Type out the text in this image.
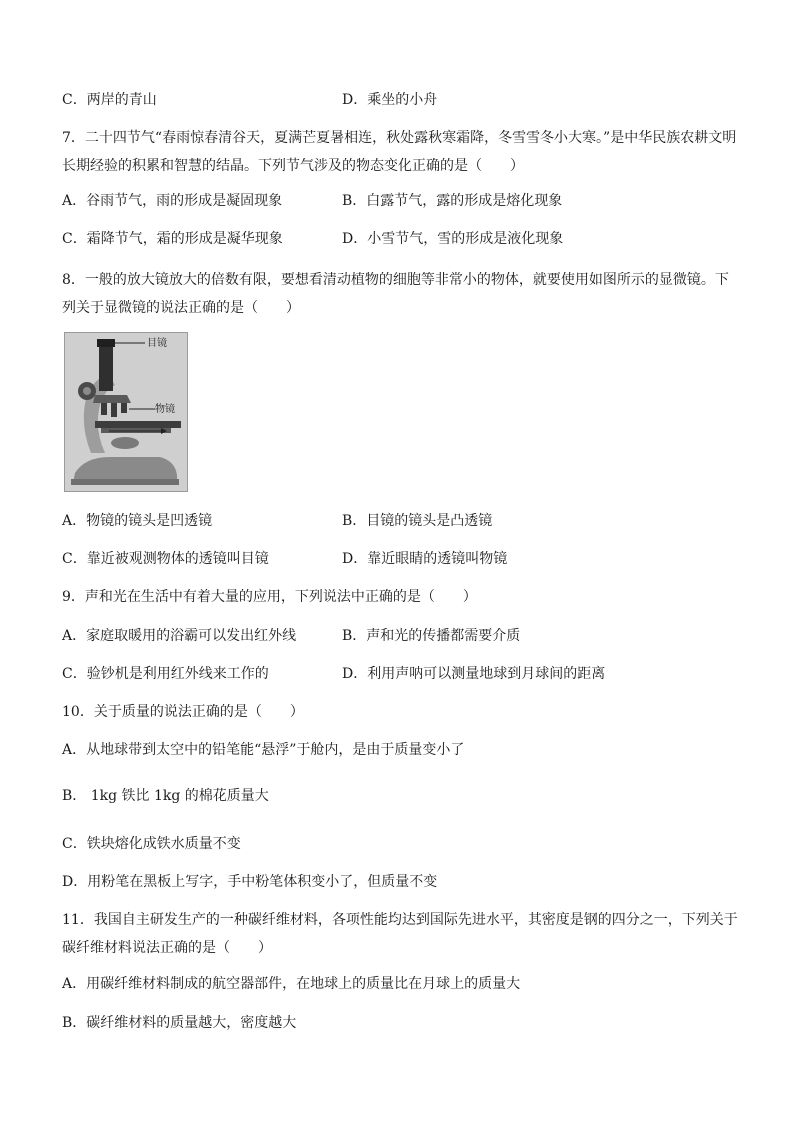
C．两岸的青山	D．乘坐的小舟
7．二十四节气“春雨惊春清谷天，夏满芒夏暑相连，秋处露秋寒霜降，冬雪雪冬小大寒。”是中华民族农耕文明长期经验的积累和智慧的结晶。下列节气涉及的物态变化正确的是（　　）
A．谷雨节气，雨的形成是凝固现象	B．白露节气，露的形成是熔化现象
C．霜降节气，霜的形成是凝华现象	D．小雪节气，雪的形成是液化现象
8．一般的放大镜放大的倍数有限，要想看清动植物的细胞等非常小的物体，就要使用如图所示的显微镜。下列关于显微镜的说法正确的是（　　）
目镜
物镜
A．物镜的镜头是凹透镜	B．目镜的镜头是凸透镜
C．靠近被观测物体的透镜叫目镜	D．靠近眼睛的透镜叫物镜
9．声和光在生活中有着大量的应用，下列说法中正确的是（　　）
A．家庭取暖用的浴霸可以发出红外线	B．声和光的传播都需要介质
C．验钞机是利用红外线来工作的	D．利用声呐可以测量地球到月球间的距离
10．关于质量的说法正确的是（　　）
A．从地球带到太空中的铅笔能“悬浮”于舱内，是由于质量变小了
B． 1kg 铁比 1kg 的棉花质量大
C．铁块熔化成铁水质量不变
D．用粉笔在黑板上写字，手中粉笔体积变小了，但质量不变
11．我国自主研发生产的一种碳纤维材料，各项性能均达到国际先进水平，其密度是钢的四分之一，下列关于碳纤维材料说法正确的是（　　）
A．用碳纤维材料制成的航空器部件，在地球上的质量比在月球上的质量大
B．碳纤维材料的质量越大，密度越大
